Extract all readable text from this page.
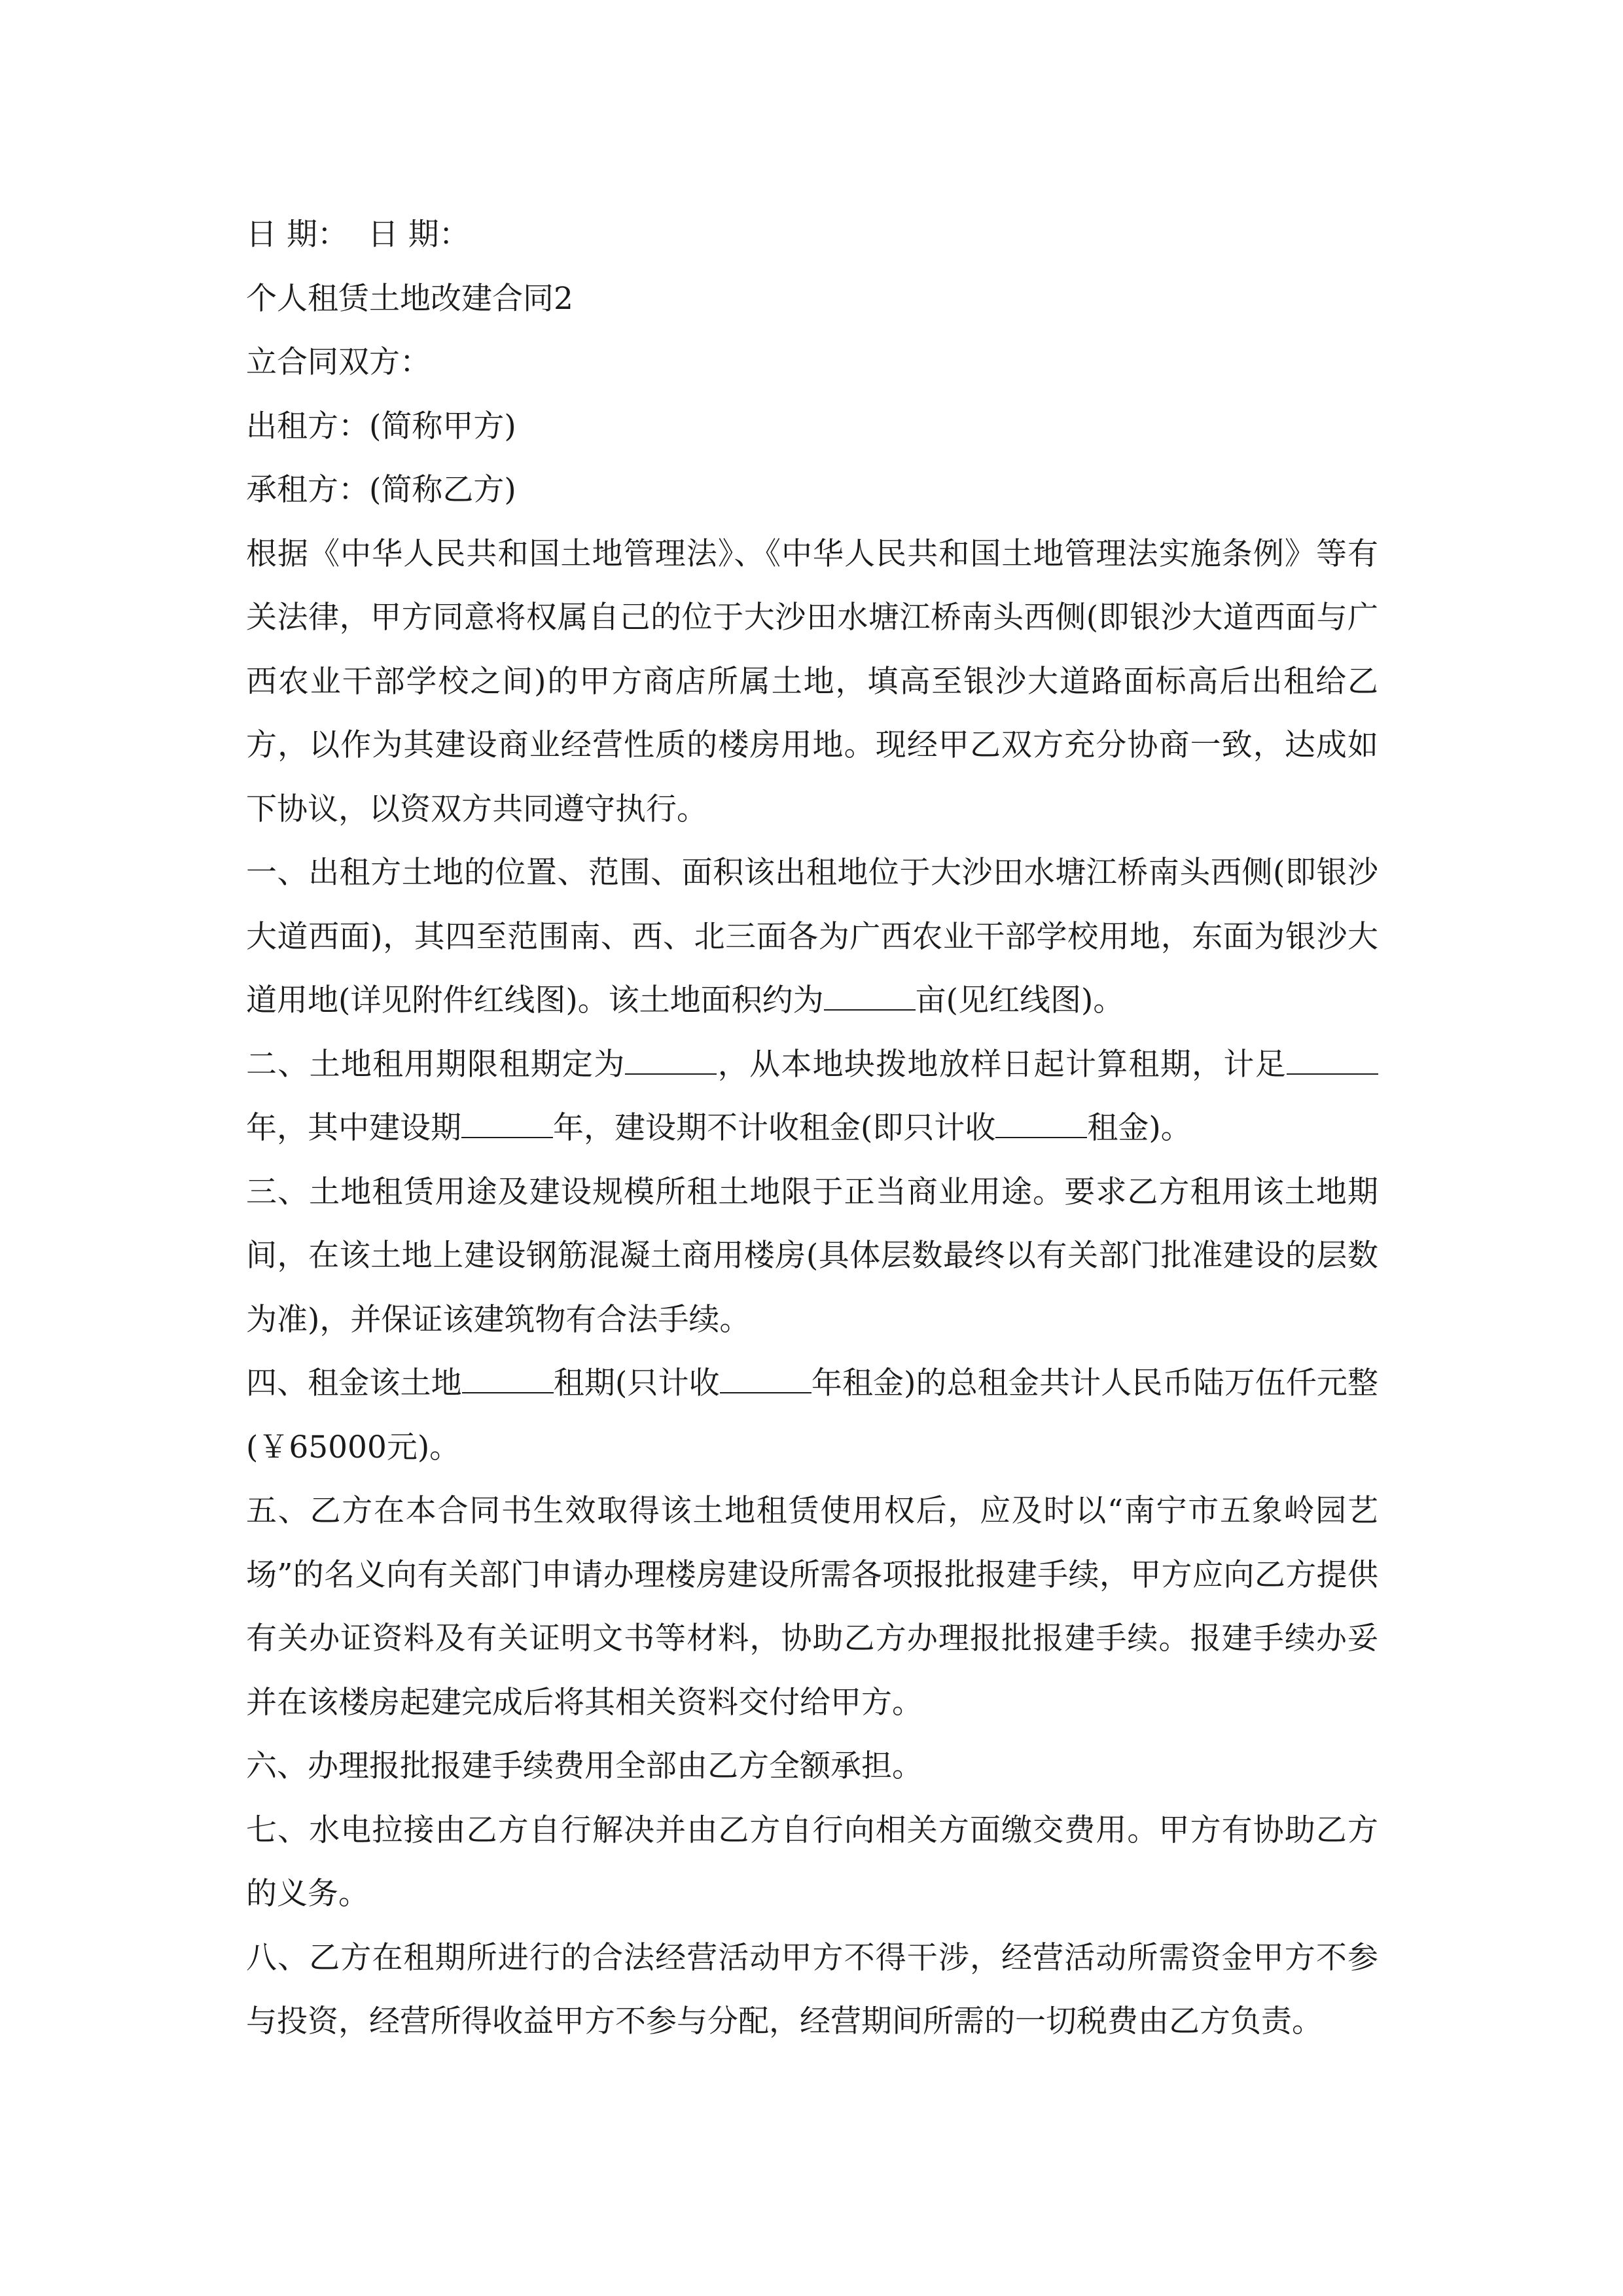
日 期：  日 期：

个人租赁土地改建合同2

立合同双方：

出租方：(简称甲方)

承租方：(简称乙方)

根据《中华人民共和国土地管理法》、《中华人民共和国土地管理法实施条例》等有关法律，甲方同意将权属自己的位于大沙田水塘江桥南头西侧(即银沙大道西面与广西农业干部学校之间)的甲方商店所属土地，填高至银沙大道路面标高后出租给乙方，以作为其建设商业经营性质的楼房用地。现经甲乙双方充分协商一致，达成如下协议，以资双方共同遵守执行。

一、出租方土地的位置、范围、面积该出租地位于大沙田水塘江桥南头西侧(即银沙大道西面)，其四至范围南、西、北三面各为广西农业干部学校用地，东面为银沙大道用地(详见附件红线图)。该土地面积约为	亩(见红线图)。

二、土地租用期限租期定为	，从本地块拨地放样日起计算租期，计足年，其中建设期	年，建设期不计收租金(即只计收	租金)。

三、土地租赁用途及建设规模所租土地限于正当商业用途。要求乙方租用该土地期间，在该土地上建设钢筋混凝土商用楼房(具体层数最终以有关部门批准建设的层数为准)，并保证该建筑物有合法手续。

四、租金该土地	租期(只计收	年租金)的总租金共计人民币陆万伍仟元整(￥65000元)。

五、乙方在本合同书生效取得该土地租赁使用权后，应及时以“南宁市五象岭园艺场”的名义向有关部门申请办理楼房建设所需各项报批报建手续，甲方应向乙方提供有关办证资料及有关证明文书等材料，协助乙方办理报批报建手续。报建手续办妥并在该楼房起建完成后将其相关资料交付给甲方。

六、办理报批报建手续费用全部由乙方全额承担。

七、水电拉接由乙方自行解决并由乙方自行向相关方面缴交费用。甲方有协助乙方的义务。

八、乙方在租期所进行的合法经营活动甲方不得干涉，经营活动所需资金甲方不参与投资，经营所得收益甲方不参与分配，经营期间所需的一切税费由乙方负责。
